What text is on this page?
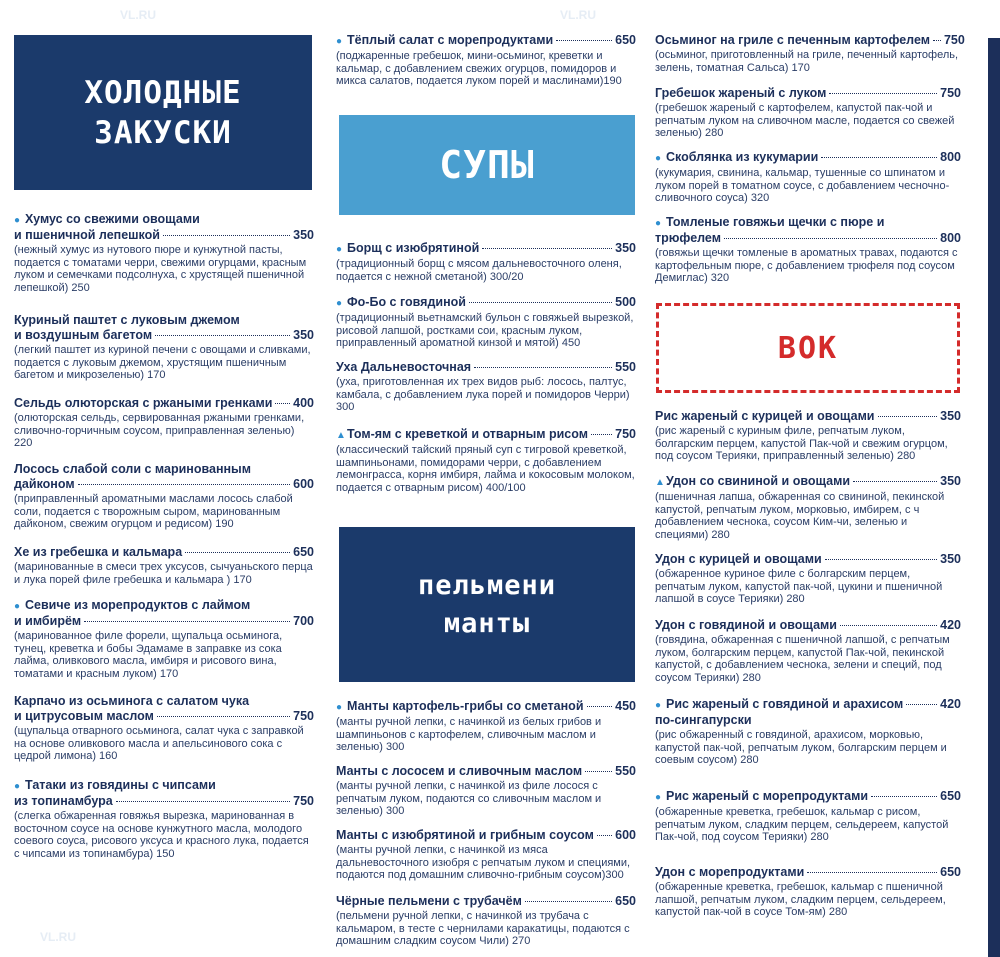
VL.RU	VL.RU
VL.RU
ХОЛОДНЫЕ
ЗАКУСКИ
● Хумус со свежими овощами
и пшеничной лепешкой	350
(нежный хумус из нутового пюре и кунжутной пасты, подается с томатами черри, свежими огурцами, красным луком и семечками подсолнуха, с хрустящей пшеничной лепешкой) 250
Куриный паштет с луковым джемом
и воздушным багетом	350
(легкий паштет из куриной печени с овощами и сливками, подается с луковым джемом, хрустящим пшеничным багетом и микрозеленью) 170
Сельдь олюторская с ржаными гренками 400
(олюторская сельдь, сервированная ржаными гренками, сливочно-горчичным соусом, приправленная зеленью) 220
Лосось слабой соли с маринованным
дайконом	600
(приправленный ароматными маслами лосось слабой соли, подается с творожным сыром, маринованным дайконом, свежим огурцом и редисом) 190
Хе из гребешка и кальмара	650
(маринованные в смеси трех уксусов, сычуаньского перца и лука порей филе гребешка и кальмара ) 170
● Севиче из морепродуктов с лаймом
и имбирём	700
(маринованное филе форели, щупальца осьминога, тунец, креветка и бобы Эдамаме в заправке из сока лайма, оливкового масла, имбиря и рисового вина, томатами и красным луком) 170
Карпачо из осьминога с салатом чука
и цитрусовым маслом	750
(щупальца отварного осьминога, салат чука с заправкой на основе оливкового масла и апельсинового сока с цедрой лимона) 160
● Татаки из говядины с чипсами
из топинамбура	750
(слегка обжаренная говяжья вырезка, маринованная в восточном соусе на основе кунжутного масла, молодого соевого соуса, рисового уксуса и красного лука, подается с чипсами из топинамбура) 150
● Тёплый салат с морепродуктами	650
(поджаренные гребешок, мини-осьминог, креветки и кальмар, с добавлением свежих огурцов, помидоров и микса салатов, подается луком порей и маслинами)190
СУПЫ
● Борщ с изюбрятиной	350
(традиционный борщ с мясом дальневосточного оленя, подается с нежной сметаной) 300/20
● Фо-Бо с говядиной	500
(традиционный вьетнамский бульон с говяжьей вырезкой, рисовой лапшой, ростками сои, красным луком, приправленный ароматной кинзой и мятой) 450
Уха Дальневосточная	550
(уха, приготовленная их трех видов рыб: лосось, палтус, камбала, с добавлением лука порей и помидоров Черри) 300
▲ Том-ям с креветкой и отварным рисом 750
(классический тайский пряный суп с тигровой креветкой, шампиньонами, помидорами черри, с добавлением лемонграсса, корня имбиря, лайма и кокосовым молоком, подается с отварным рисом) 400/100
пельмени
манты
● Манты картофель-грибы со сметаной	450
(манты ручной лепки, с начинкой из белых грибов и шампиньонов с картофелем, сливочным маслом и зеленью) 300
Манты с лососем и сливочным маслом	550
(манты ручной лепки, с начинкой из филе лосося с репчатым луком, подаются со сливочным маслом и зеленью) 300
Манты с изюбрятиной и грибным соусом 600
(манты ручной лепки, с начинкой из мяса дальневосточного изюбря с репчатым луком и специями, подаются под домашним сливочно-грибным соусом)300
Чёрные пельмени с трубачём	650
(пельмени ручной лепки, с начинкой из трубача с кальмаром, в тесте с чернилами каракатицы, подаются с домашним сладким соусом Чили) 270
Осьминог на гриле с печенным картофелем 750
(осьминог, приготовленный на гриле, печенный картофель, зелень, томатная Сальса) 170
Гребешок жареный с луком	750
(гребешок жареный с картофелем, капустой пак-чой и репчатым луком на сливочном масле, подается со свежей зеленью) 280
● Скоблянка из кукумарии	800
(кукумария, свинина, кальмар, тушенные со шпинатом и луком порей в томатном соусе, с добавлением чесночно-сливочного соуса) 320
● Томленые говяжьи щечки с пюре и
трюфелем	800
(говяжьи щечки томленые в ароматных травах, подаются с картофельным пюре, с добавлением трюфеля под соусом Демиглас) 320
ВОК
Рис жареный с курицей и овощами	350
(рис жареный с куриным филе, репчатым луком, болгарским перцем, капустой Пак-чой и свежим огурцом, под соусом Терияки, приправленный зеленью) 280
▲ Удон со свининой и овощами	350
(пшеничная лапша, обжаренная со свининой, пекинской капустой, репчатым луком, морковью, имбирем, с ч добавлением чеснока, соусом Ким-чи, зеленью и специями) 280
Удон с курицей и овощами	350
(обжаренное куриное филе с болгарским перцем, репчатым луком, капустой пак-чой, цукини и пшеничной лапшой в соусе Терияки) 280
Удон с говядиной и овощами	420
(говядина, обжаренная с пшеничной лапшой, с репчатым луком, болгарским перцем, капустой Пак-чой, пекинской капустой, с добавлением чеснока, зелени и специй, под соусом Терияки) 280
● Рис жареный с говядиной и арахисом	420
по-сингапурски
(рис обжаренный с говядиной, арахисом, морковью, капустой пак-чой, репчатым луком, болгарским перцем и соевым соусом) 280
● Рис жареный с морепродуктами	650
(обжаренные креветка, гребешок, кальмар с рисом, репчатым луком, сладким перцем, сельдереем, капустой Пак-чой, под соусом Терияки) 280
Удон с морепродуктами	650
(обжаренные креветка, гребешок, кальмар с пшеничной лапшой, репчатым луком, сладким перцем, сельдереем, капустой пак-чой в соусе Том-ям) 280
